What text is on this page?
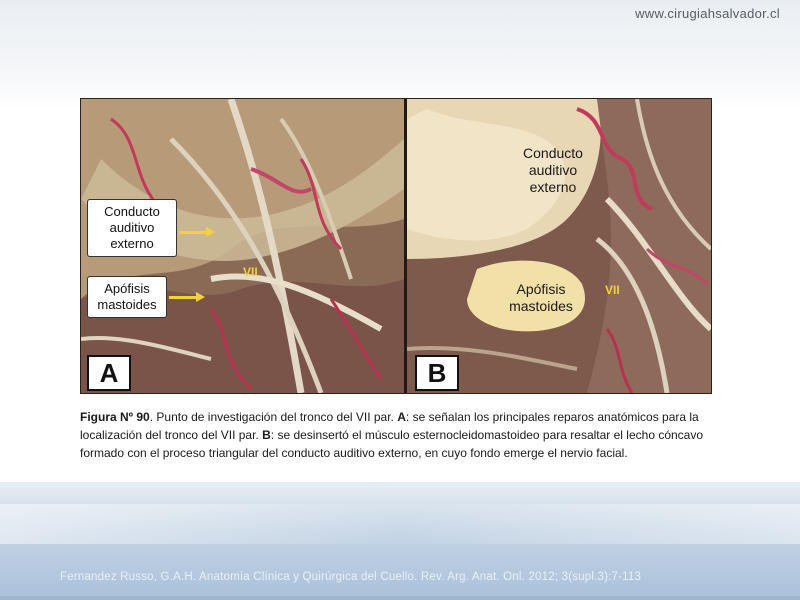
www.cirugiahsalvador.cl
Conducto
auditivo
externo
Apófisis
mastoides
VII
A
Conducto
auditivo
externo
Apófisis
mastoides
VII
B
Figura Nº 90. Punto de investigación del tronco del VII par. A: se señalan los principales reparos anatómicos para la localización del tronco del VII par. B: se desinsertó el músculo esternocleidomastoideo para resaltar el lecho cóncavo formado con el proceso triangular del conducto auditivo externo, en cuyo fondo emerge el nervio facial.
Fernandez Russo, G.A.H. Anatomía Clínica y Quirúrgica del Cuello. Rev. Arg. Anat. Onl. 2012; 3(supl.3):7-113
